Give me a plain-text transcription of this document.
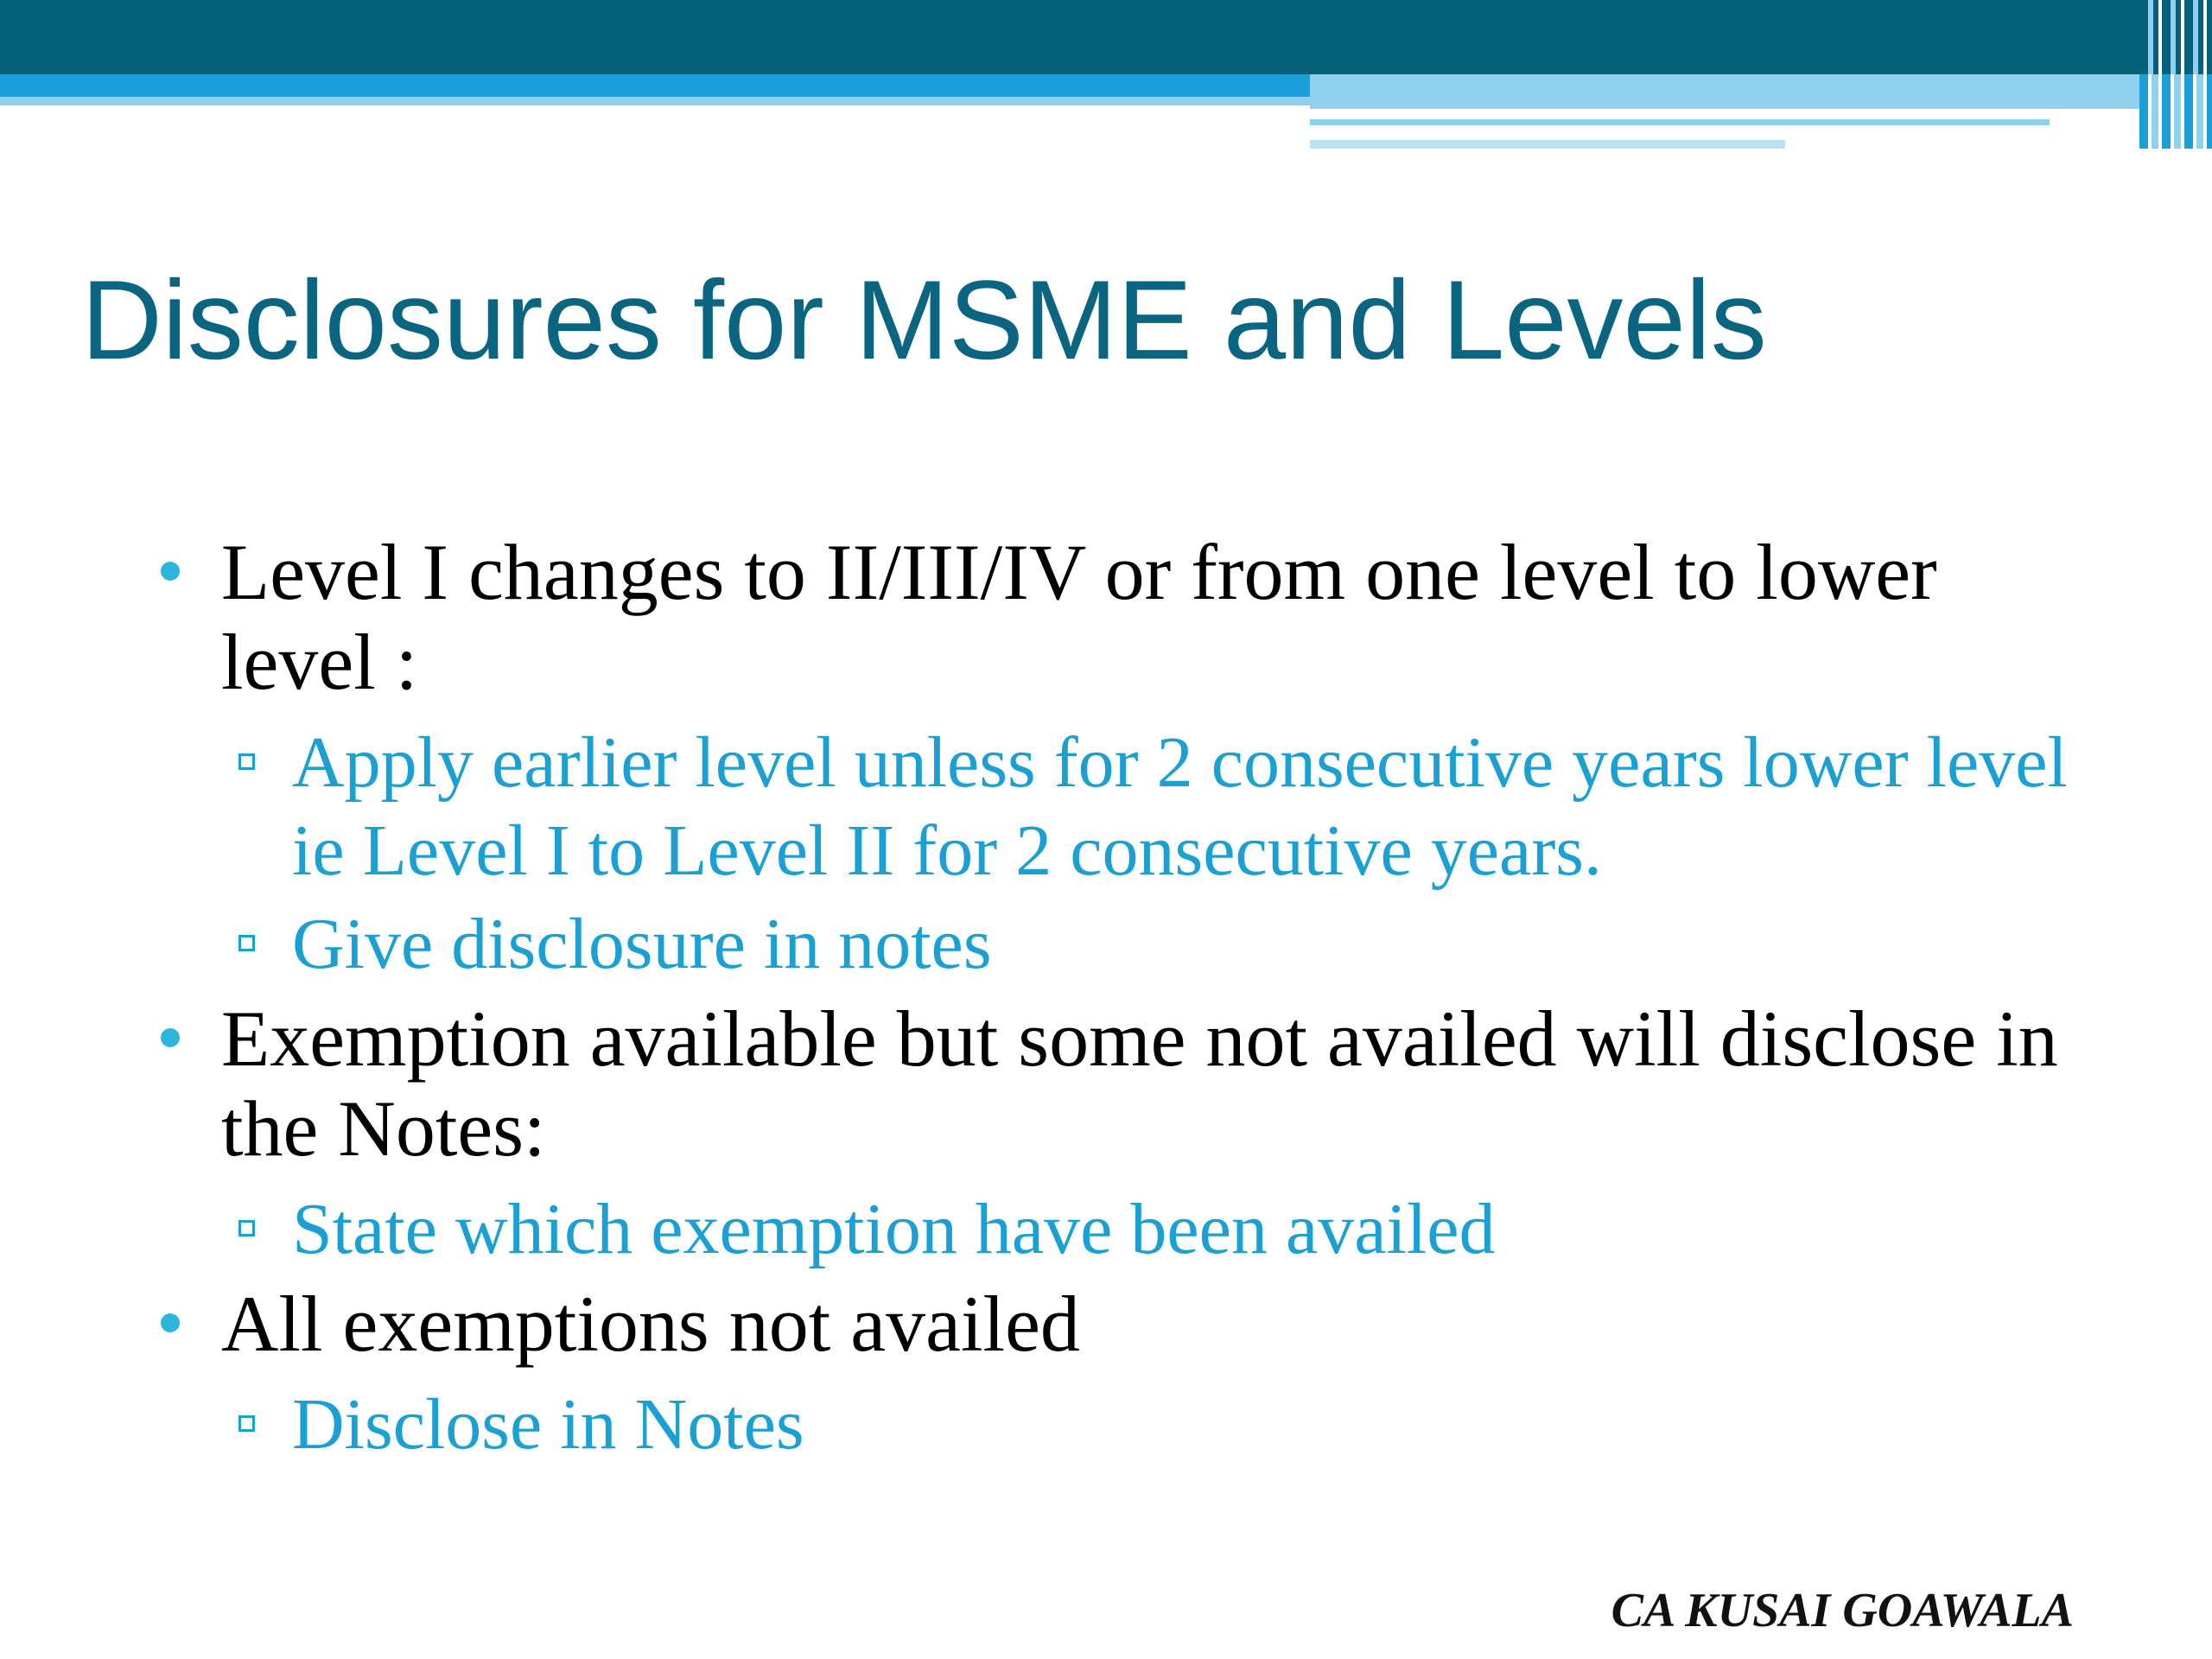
Disclosures for MSME and Levels
Level I changes to II/III/IV or from one level to lower level :
Apply earlier level unless for 2 consecutive years lower level ie Level I to Level II for 2 consecutive years.
Give disclosure in notes
Exemption available but some not availed will disclose in the Notes:
State which exemption have been availed
All exemptions not availed
Disclose in Notes
CA KUSAI GOAWALA
